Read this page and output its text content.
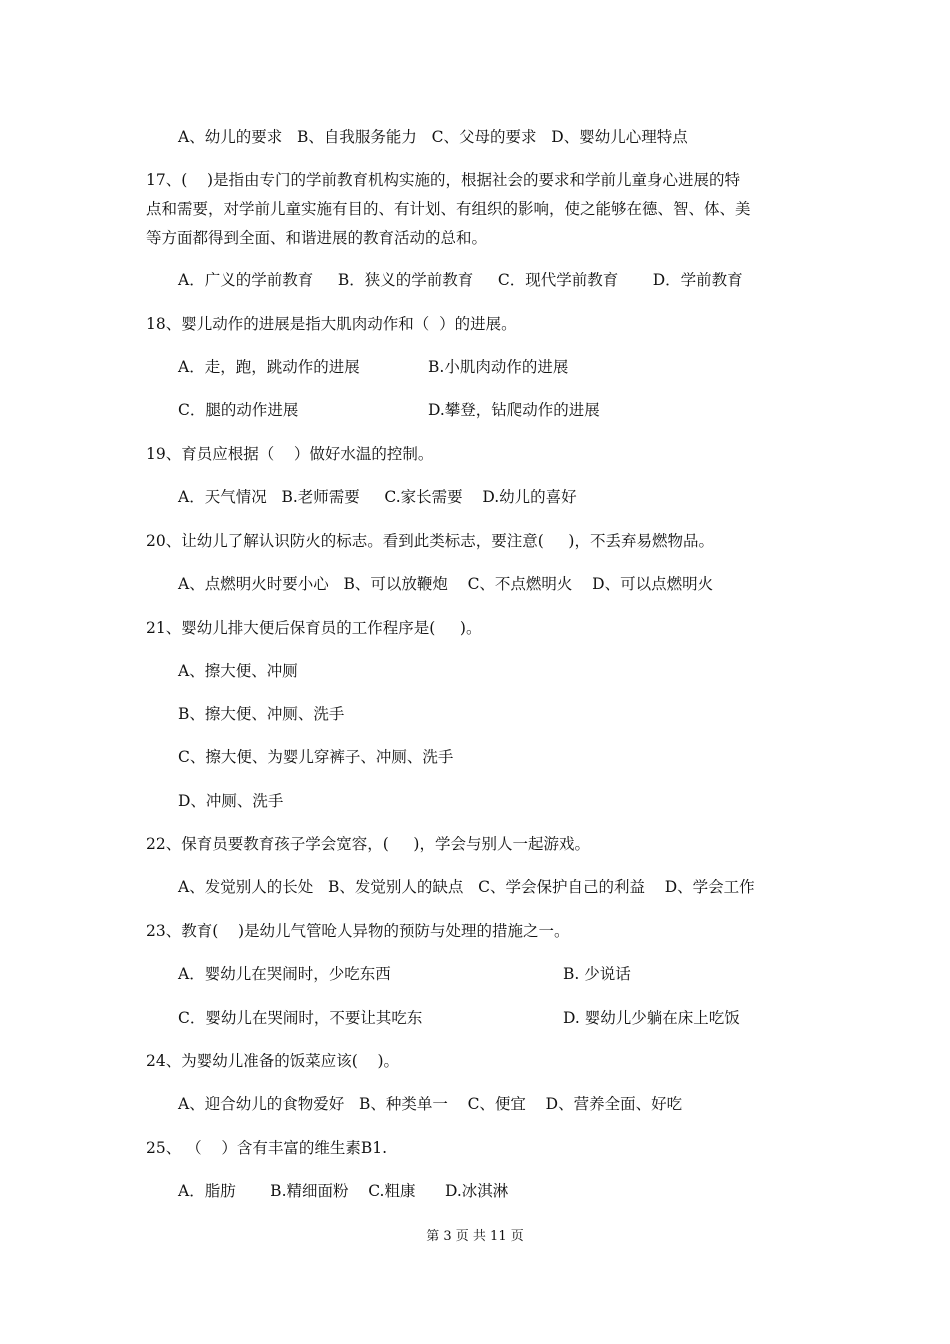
A、幼儿的要求   B、自我服务能力   C、父母的要求   D、婴幼儿心理特点
17、(    )是指由专门的学前教育机构实施的，根据社会的要求和学前儿童身心进展的特
点和需要，对学前儿童实施有目的、有计划、有组织的影响，使之能够在德、智、体、美
等方面都得到全面、和谐进展的教育活动的总和。
A．广义的学前教育     B．狭义的学前教育     C．现代学前教育       D．学前教育
18、婴儿动作的进展是指大肌肉动作和（  ）的进展。
A．走，跑，跳动作的进展	B.小肌肉动作的进展
C．腿的动作进展	D.攀登，钻爬动作的进展
19、育员应根据（    ）做好水温的控制。
A．天气情况   B.老师需要     C.家长需要    D.幼儿的喜好
20、让幼儿了解认识防火的标志。看到此类标志，要注意(     )，不丢弃易燃物品。
A、点燃明火时要小心   B、可以放鞭炮    C、不点燃明火    D、可以点燃明火
21、婴幼儿排大便后保育员的工作程序是(     )。
A、擦大便、冲厕
B、擦大便、冲厕、洗手
C、擦大便、为婴儿穿裤子、冲厕、洗手
D、冲厕、洗手
22、保育员要教育孩子学会宽容，(     )，学会与别人一起游戏。
A、发觉别人的长处   B、发觉别人的缺点   C、学会保护自己的利益    D、学会工作
23、教育(    )是幼儿气管呛人异物的预防与处理的措施之一。
A．婴幼儿在哭闹时，少吃东西	B. 少说话
C．婴幼儿在哭闹时，不要让其吃东	D. 婴幼儿少躺在床上吃饭
24、为婴幼儿准备的饭菜应该(    )。
A、迎合幼儿的食物爱好   B、种类单一    C、便宜    D、营养全面、好吃
25、 （    ）含有丰富的维生素B1.
A．脂肪       B.精细面粉    C.粗康      D.冰淇淋
第 3 页 共 11 页
